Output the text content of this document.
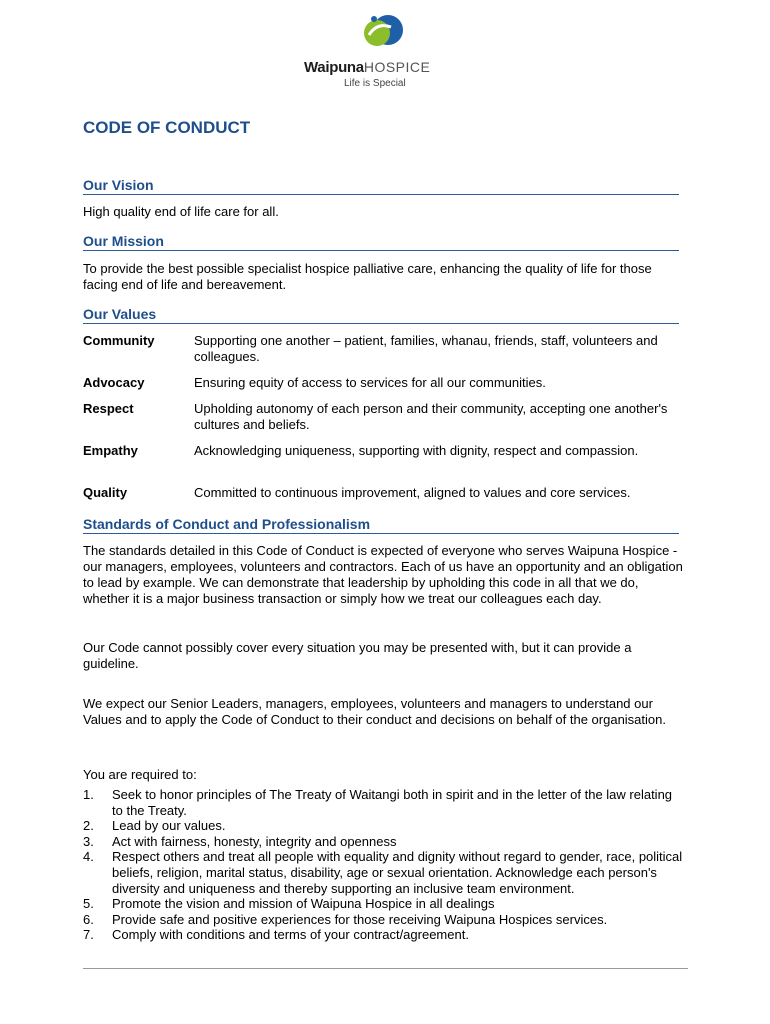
WaipunaHOSPICE
Life is Special
CODE OF CONDUCT
Our Vision

High quality end of life care for all.

Our Mission

To provide the best possible specialist hospice palliative care, enhancing the quality of life for those facing end of life and bereavement.

Our Values
Community	Supporting one another – patient, families, whanau, friends, staff, volunteers and colleagues.
Advocacy	Ensuring equity of access to services for all our communities.
Respect	Upholding autonomy of each person and their community, accepting one another's cultures and beliefs.
Empathy	Acknowledging uniqueness, supporting with dignity, respect and compassion.
Quality	Committed to continuous improvement, aligned to values and core services.
Standards of Conduct and Professionalism

The standards detailed in this Code of Conduct is expected of everyone who serves Waipuna Hospice - our managers, employees, volunteers and contractors. Each of us have an opportunity and an obligation to lead by example. We can demonstrate that leadership by upholding this code in all that we do, whether it is a major business transaction or simply how we treat our colleagues each day.

Our Code cannot possibly cover every situation you may be presented with, but it can provide a guideline.

We expect our Senior Leaders, managers, employees, volunteers and managers to understand our Values and to apply the Code of Conduct to their conduct and decisions on behalf of the organisation.

You are required to:

1. Seek to honor principles of The Treaty of Waitangi both in spirit and in the letter of the law relating to the Treaty.
2. Lead by our values.
3. Act with fairness, honesty, integrity and openness
4. Respect others and treat all people with equality and dignity without regard to gender, race, political beliefs, religion, marital status, disability, age or sexual orientation. Acknowledge each person's diversity and uniqueness and thereby supporting an inclusive team environment.
5. Promote the vision and mission of Waipuna Hospice in all dealings
6. Provide safe and positive experiences for those receiving Waipuna Hospices services.
7. Comply with conditions and terms of your contract/agreement.
